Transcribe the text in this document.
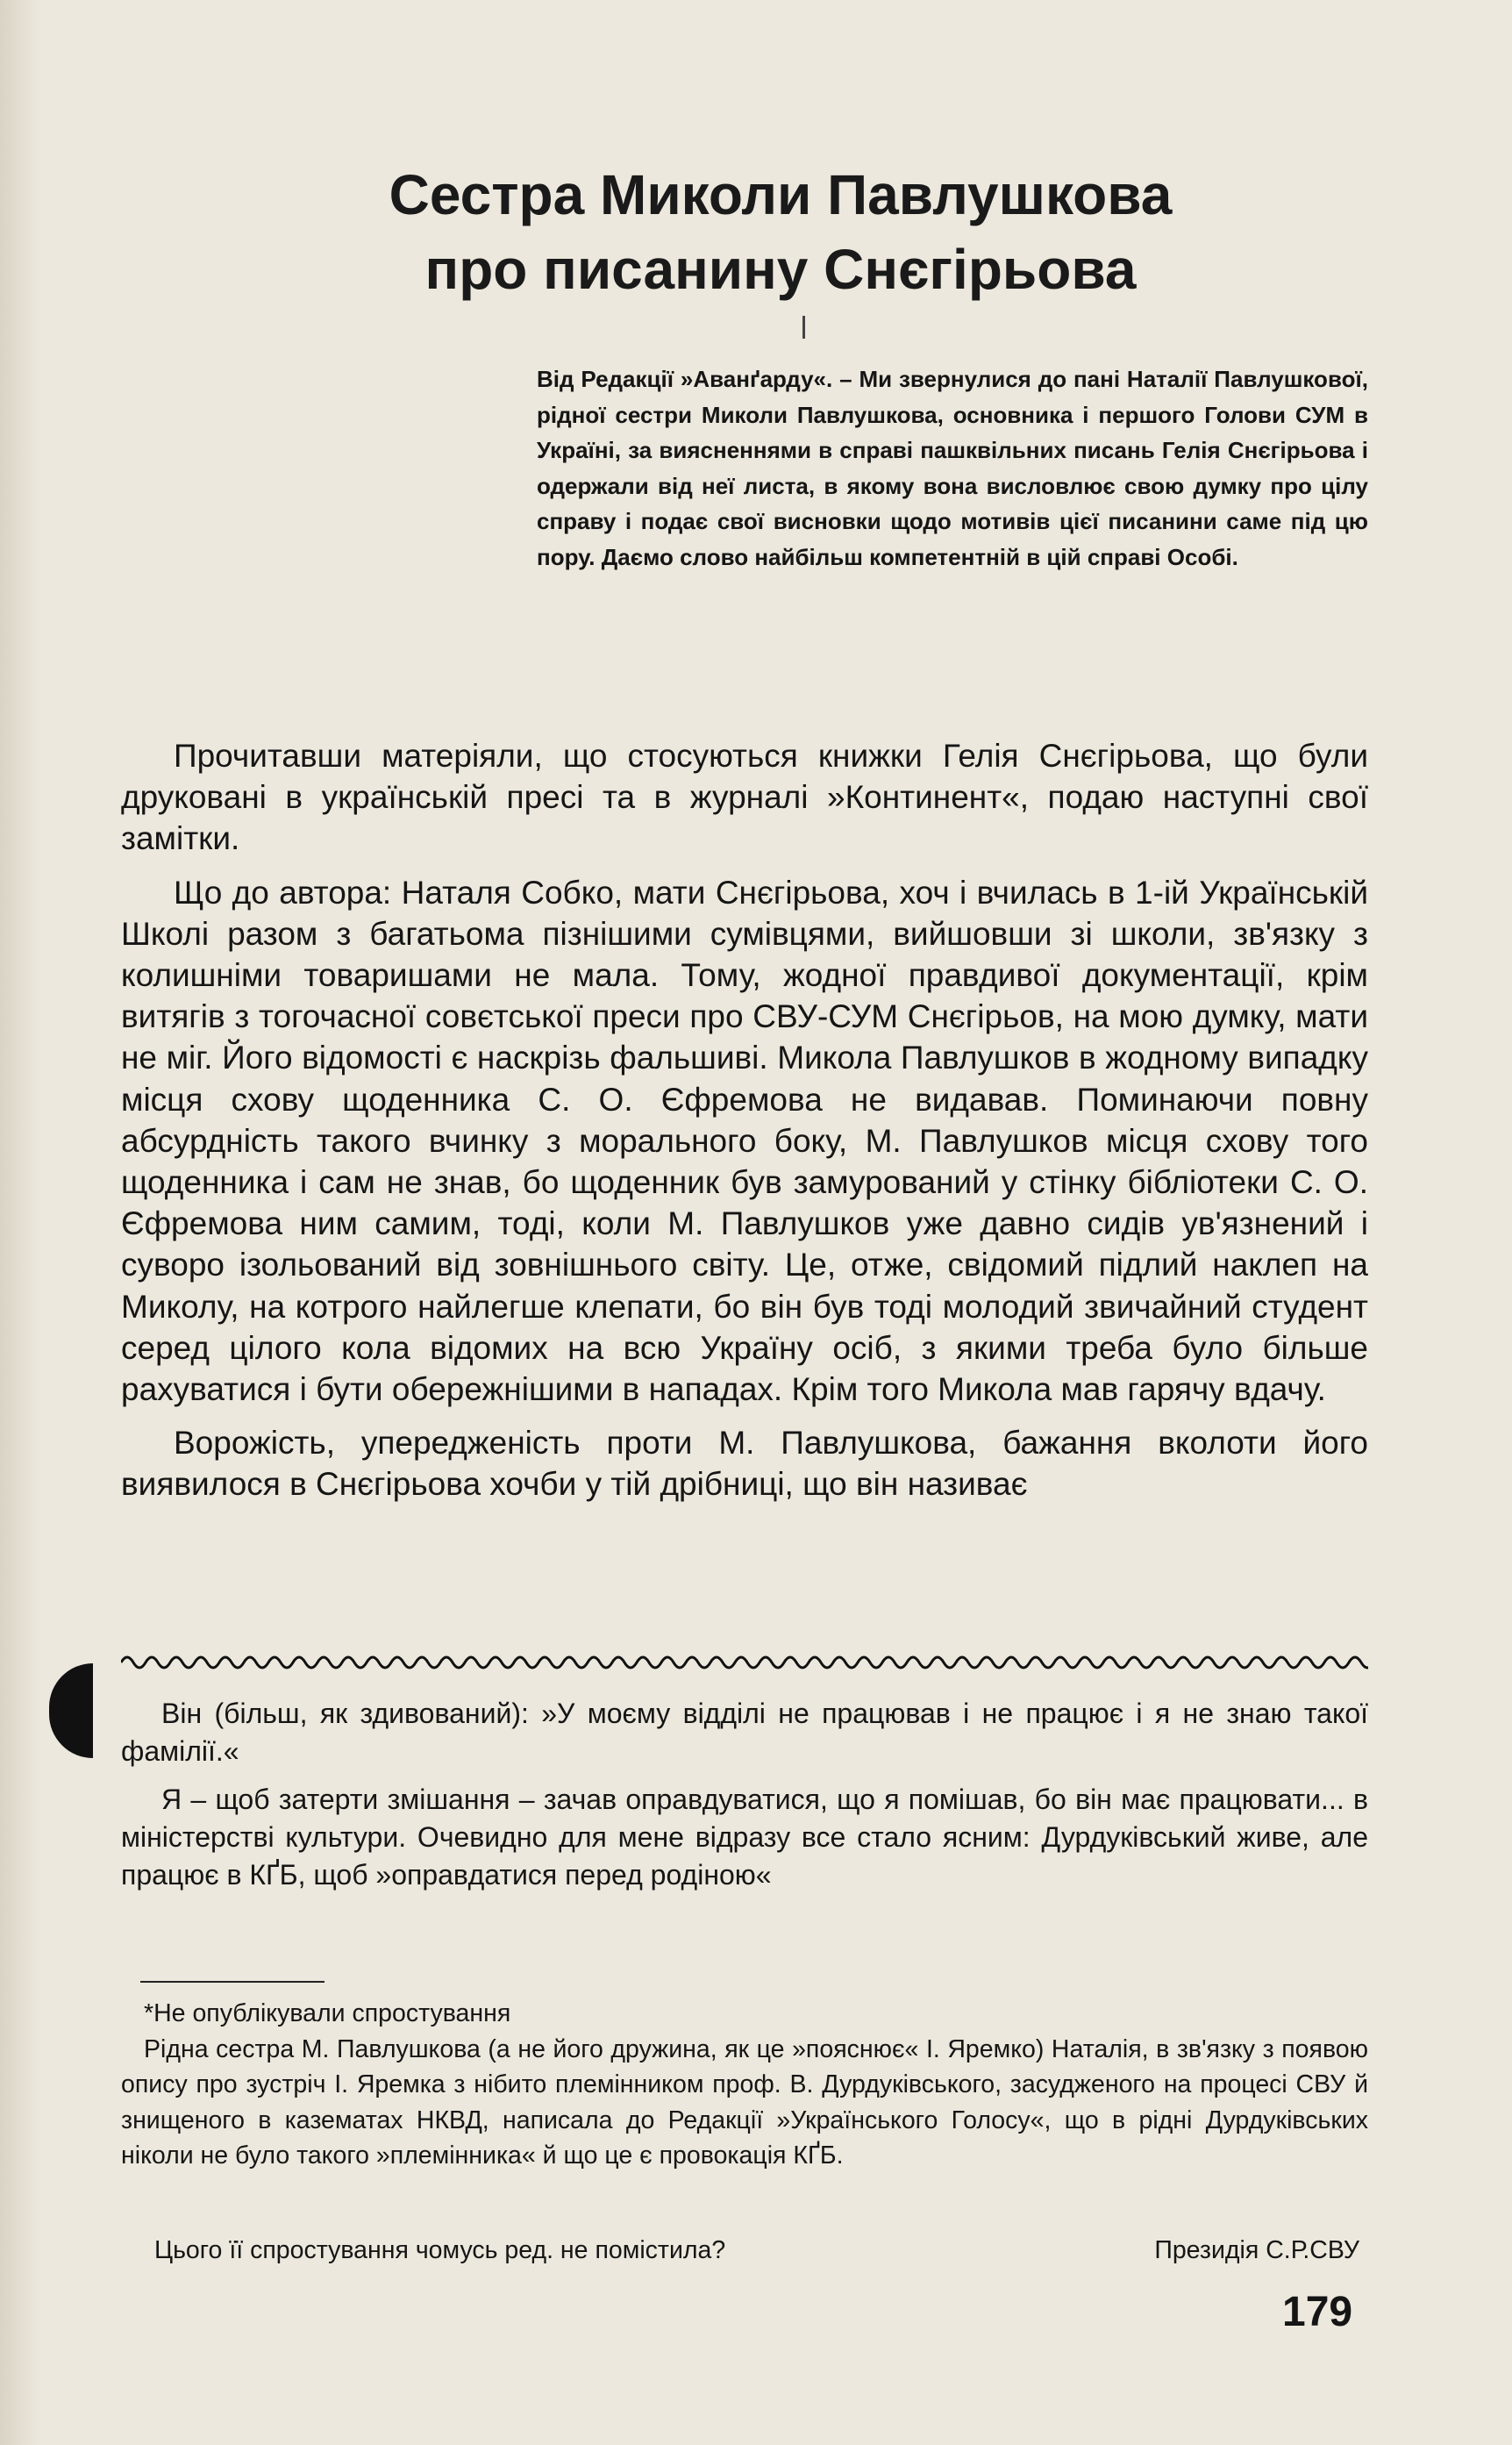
Сестра Миколи Павлушкова
про писанину Снєгірьова

Від Редакції »Аванґарду«. – Ми звернулися до пані Наталії Павлушкової, рідної сестри Миколи Павлушкова, основника і першого Голови СУМ в Україні, за виясненнями в справі пашквільних писань Гелія Снєгірьова і одержали від неї листа, в якому вона висловлює свою думку про цілу справу і подає свої висновки щодо мотивів цієї писанини саме під цю пору. Даємо слово найбільш компетентній в цій справі Особі.

Прочитавши матеріяли, що стосуються книжки Гелія Снєгірьова, що були друковані в українській пресі та в журналі »Континент«, подаю наступні свої замітки.

Що до автора: Наталя Собко, мати Снєгірьова, хоч і вчилась в 1-ій Українській Школі разом з багатьома пізнішими сумівцями, вийшовши зі школи, зв'язку з колишніми товаришами не мала. Тому, жодної правдивої документації, крім витягів з тогочасної совєтської преси про СВУ-СУМ Снєгірьов, на мою думку, мати не міг. Його відомості є наскрізь фальшиві. Микола Павлушков в жодному випадку місця схову щоденника С. О. Єфремова не видавав. Поминаючи повну абсурдність такого вчинку з морального боку, М. Павлушков місця схову того щоденника і сам не знав, бо щоденник був замурований у стінку бібліотеки С. О. Єфремова ним самим, тоді, коли М. Павлушков уже давно сидів ув'язнений і суворо ізольований від зовнішнього світу. Це, отже, свідомий підлий наклеп на Миколу, на котрого найлегше клепати, бо він був тоді молодий звичайний студент серед цілого кола відомих на всю Україну осіб, з якими треба було більше рахуватися і бути обережнішими в нападах. Крім того Микола мав гарячу вдачу.

Ворожість, упередженість проти М. Павлушкова, бажання вколоти його виявилося в Снєгірьова хочби у тій дрібниці, що він називає

Він (більш, як здивований): »У моєму відділі не працював і не працює і я не знаю такої фамілії.«

Я – щоб затерти змішання – зачав оправдуватися, що я помішав, бо він має працювати... в міністерстві культури. Очевидно для мене відразу все стало ясним: Дурдуківський живе, але працює в КҐБ, щоб »оправдатися перед родіною«

*Не опублікували спростування

Рідна сестра М. Павлушкова (а не його дружина, як це »пояснює« І. Яремко) Наталія, в зв'язку з появою опису про зустріч І. Яремка з нібито племінником проф. В. Дурдуківського, засудженого на процесі СВУ й знищеного в казематах НКВД, написала до Редакції »Українського Голосу«, що в рідні Дурдуківських ніколи не було такого »племінника« й що це є провокація КҐБ.

Цього її спростування чомусь ред. не помістила?	Президія С.Р.СВУ
179
